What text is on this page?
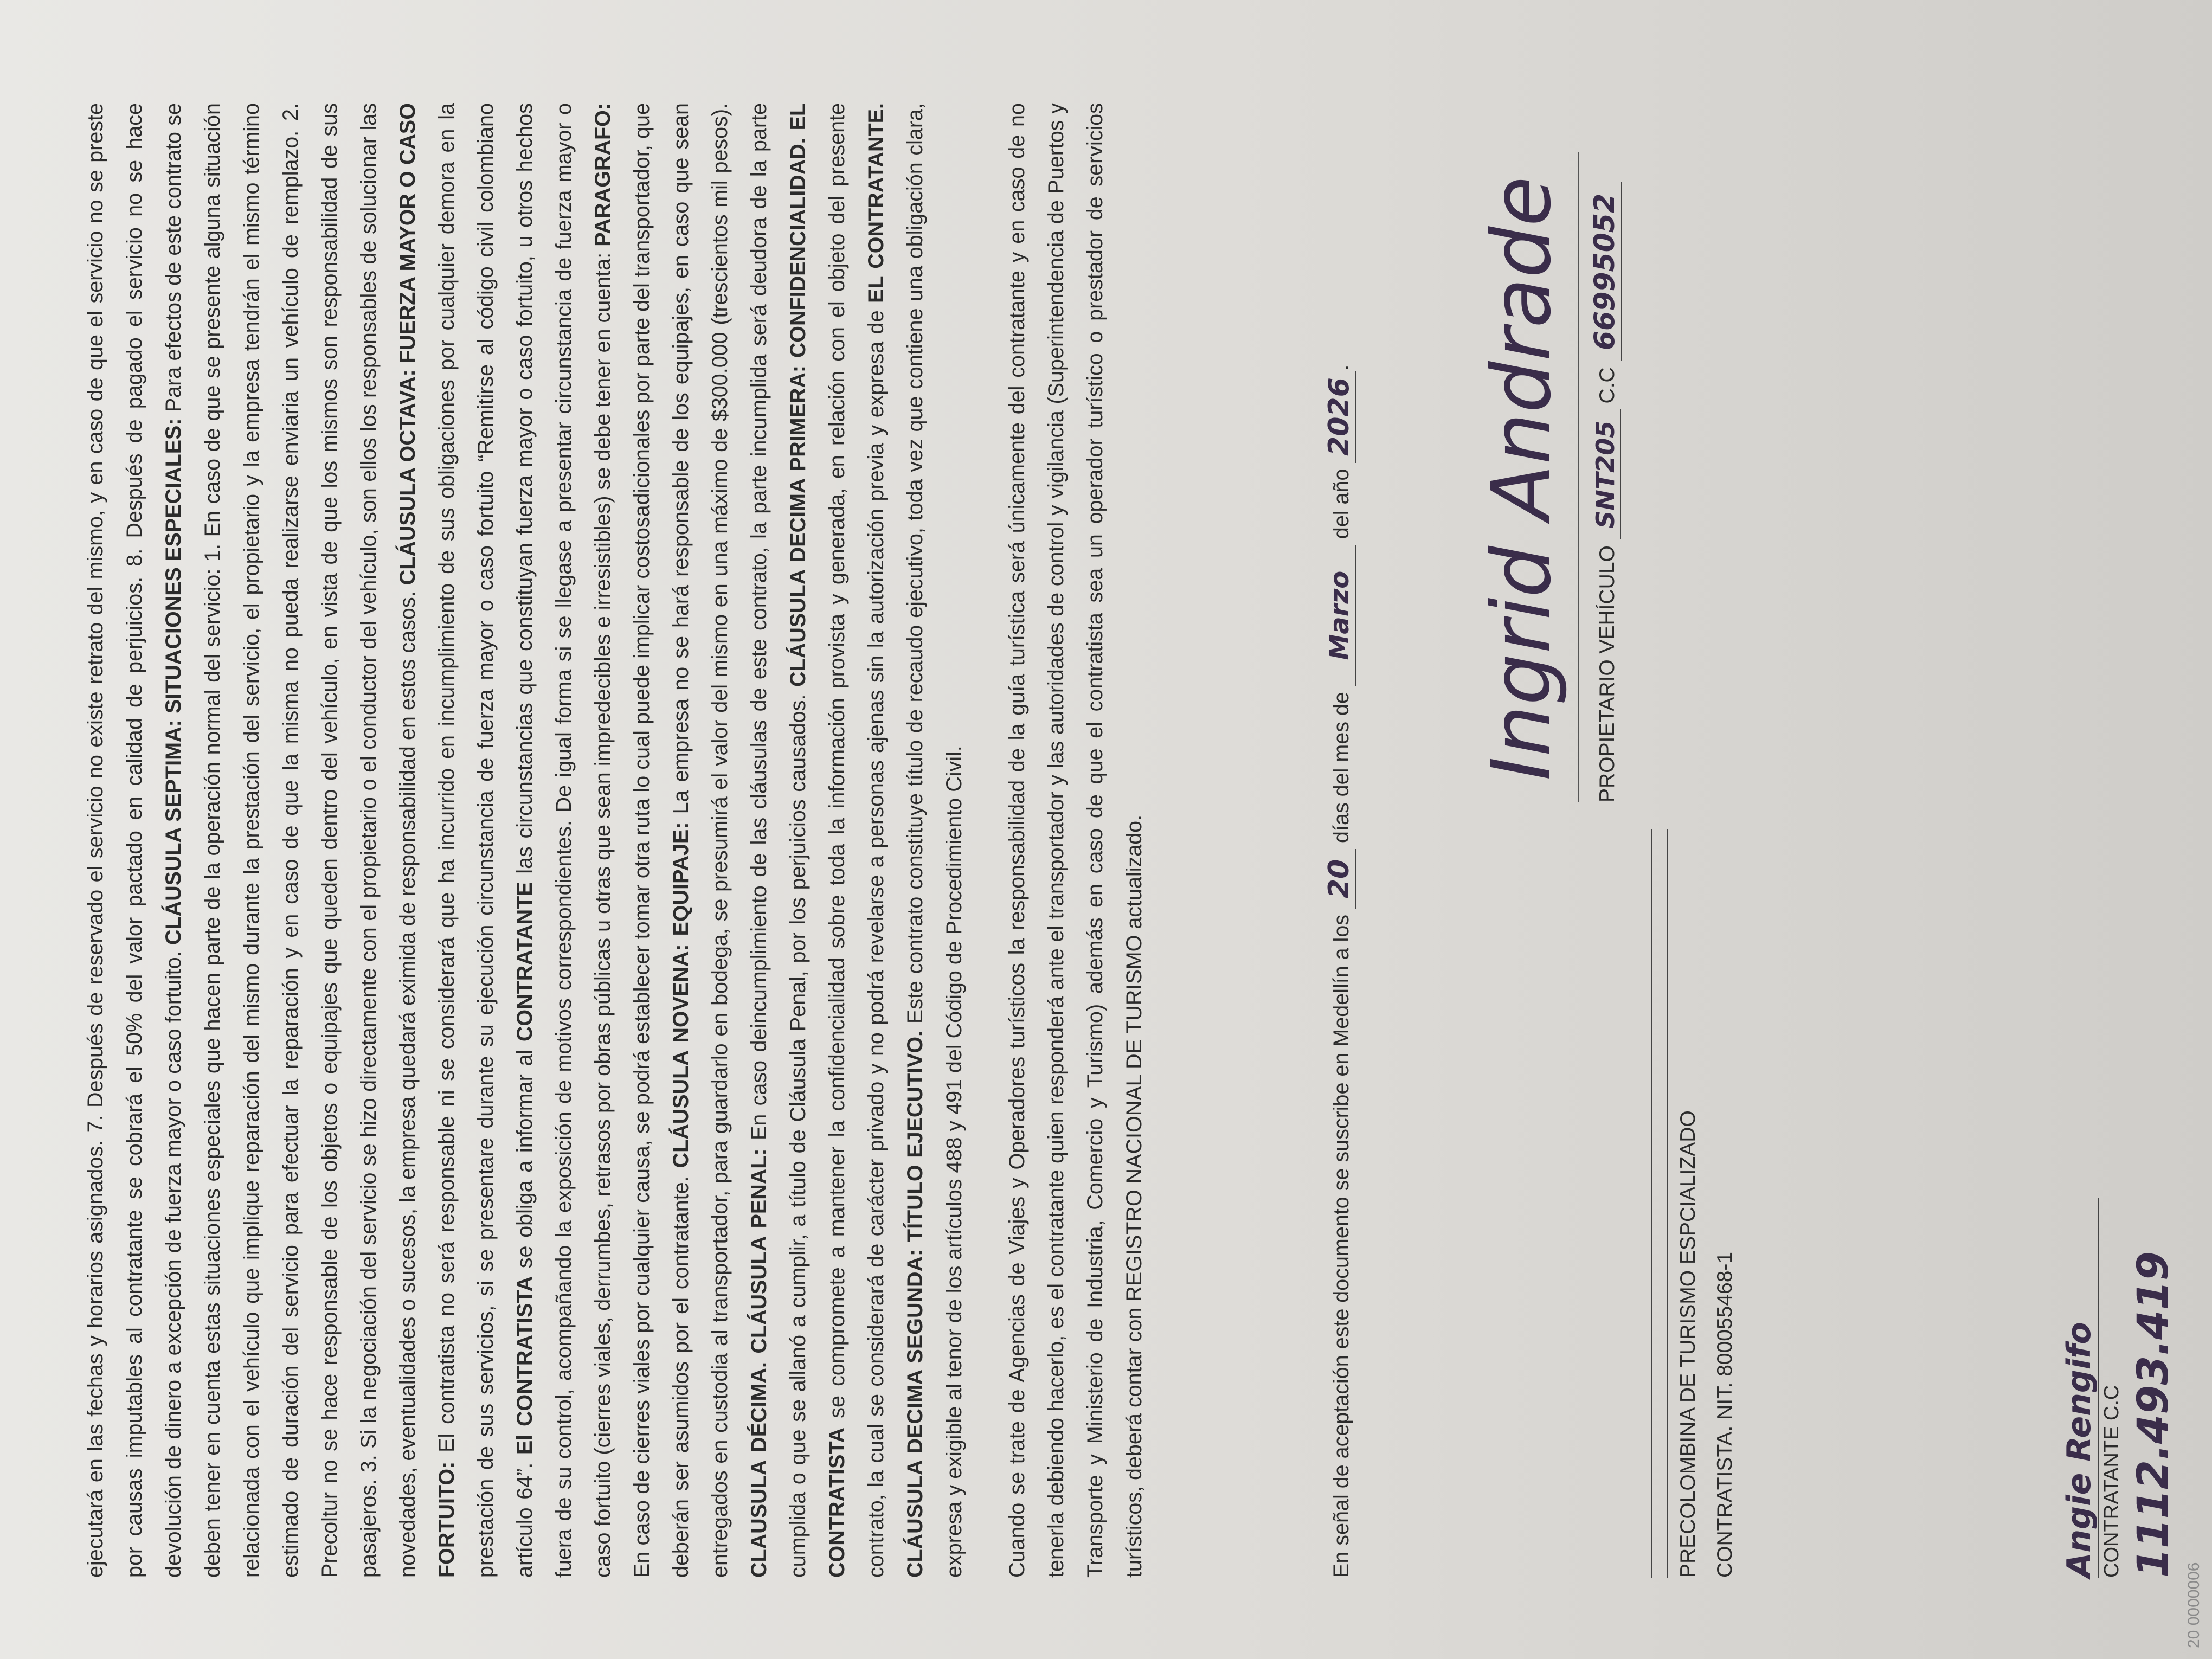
ejecutará en las fechas y horarios asignados. 7. Después de reservado el servicio no existe retrato del mismo, y en caso de que el servicio no se preste por causas imputables al contratante se cobrará el 50% del valor pactado en calidad de perjuicios. 8. Después de pagado el servicio no se hace devolución de dinero a excepción de fuerza mayor o caso fortuito. CLÁUSULA SEPTIMA: SITUACIONES ESPECIALES: Para efectos de este contrato se deben tener en cuenta estas situaciones especiales que hacen parte de la operación normal del servicio: 1. En caso de que se presente alguna situación relacionada con el vehículo que implique reparación del mismo durante la prestación del servicio, el propietario y la empresa tendrán el mismo término estimado de duración del servicio para efectuar la reparación y en caso de que la misma no pueda realizarse enviaria un vehículo de remplazo. 2. Precoltur no se hace responsable de los objetos o equipajes que queden dentro del vehículo, en vista de que los mismos son responsabilidad de sus pasajeros. 3. Si la negociación del servicio se hizo directamente con el propietario o el conductor del vehículo, son ellos los responsables de solucionar las novedades, eventualidades o sucesos, la empresa quedará eximida de responsabilidad en estos casos. CLÁUSULA OCTAVA: FUERZA MAYOR O CASO FORTUITO: El contratista no será responsable ni se considerará que ha incurrido en incumplimiento de sus obligaciones por cualquier demora en la prestación de sus servicios, si se presentare durante su ejecución circunstancia de fuerza mayor o caso fortuito “Remitirse al código civil colombiano artículo 64”. El CONTRATISTA se obliga a informar al CONTRATANTE las circunstancias que constituyan fuerza mayor o caso fortuito, u otros hechos fuera de su control, acompañando la exposición de motivos correspondientes. De igual forma si se llegase a presentar circunstancia de fuerza mayor o caso fortuito (cierres viales, derrumbes, retrasos por obras públicas u otras que sean impredecibles e irresistibles) se debe tener en cuenta: PARAGRAFO: En caso de cierres viales por cualquier causa, se podrá establecer tomar otra ruta lo cual puede implicar costosadicionales por parte del transportador, que deberán ser asumidos por el contratante. CLÁUSULA NOVENA: EQUIPAJE: La empresa no se hará responsable de los equipajes, en caso que sean entregados en custodia al transportador, para guardarlo en bodega, se presumirá el valor del mismo en una máximo de $300.000 (trescientos mil pesos). CLAUSULA DÉCIMA. CLÁUSULA PENAL: En caso deincumplimiento de las cláusulas de este contrato, la parte incumplida será deudora de la parte cumplida o que se allanó a cumplir, a título de Cláusula Penal, por los perjuicios causados. CLÁUSULA DECIMA PRIMERA: CONFIDENCIALIDAD. EL CONTRATISTA se compromete a mantener la confidencialidad sobre toda la información provista y generada, en relación con el objeto del presente contrato, la cual se considerará de carácter privado y no podrá revelarse a personas ajenas sin la autorización previa y expresa de EL CONTRATANTE. CLÁUSULA DECIMA SEGUNDA: TÍTULO EJECUTIVO. Este contrato constituye título de recaudo ejecutivo, toda vez que contiene una obligación clara, expresa y exigible al tenor de los artículos 488 y 491 del Código de Procedimiento Civil.	Cuando se trate de Agencias de Viajes y Operadores turísticos la responsabilidad de la guía turística será únicamente del contratante y en caso de no tenerla debiendo hacerlo, es el contratante quien responderá ante el transportador y las autoridades de control y vigilancia (Superintendencia de Puertos y Transporte y Ministerio de Industria, Comercio y Turismo) además en caso de que el contratista sea un operador turístico o prestador de servicios turísticos, deberá contar con REGISTRO NACIONAL DE TURISMO actualizado.	En señal de aceptación este documento se suscribe en Medellín a los 20 días del mes de Marzo del año 2026. Ingrid Andrade	PROPIETARIO VEHÍCULO SNT205 C.C 66995052
PRECOLOMBINA DE TURISMO ESPCIALIZADO CONTRATISTA. NIT. 800055468-1	Angie Rengifo CONTRATANTE C.C 1112.493.419
20 0000006
